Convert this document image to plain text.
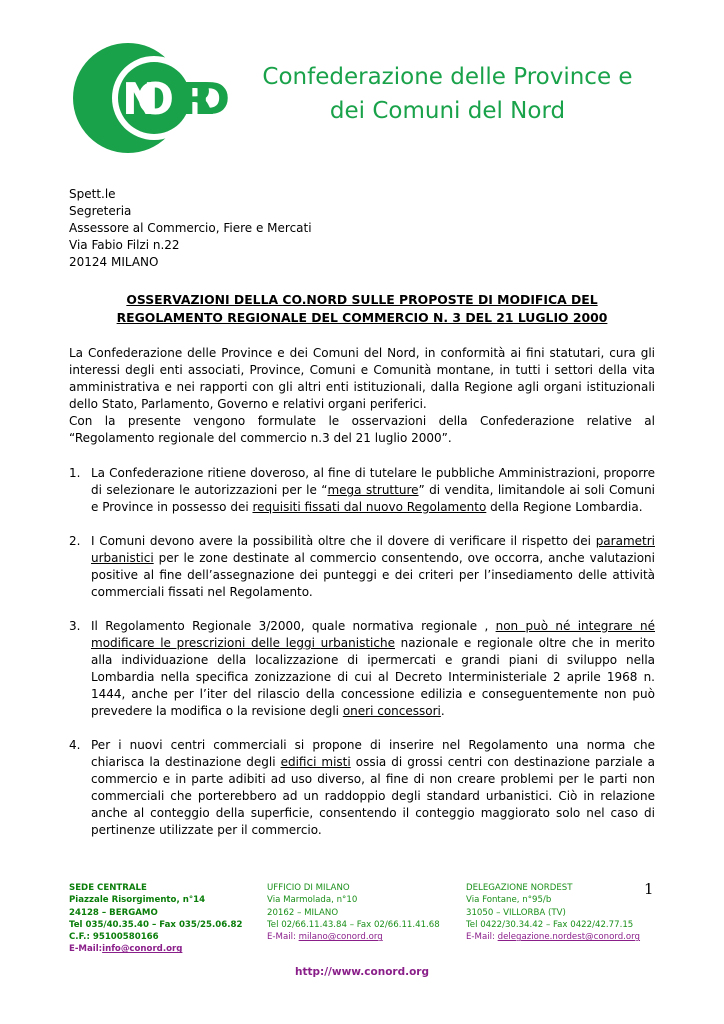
NO RD	Confederazione delle Province e
dei Comuni del Nord
Spett.le
Segreteria
Assessore al Commercio, Fiere e Mercati
Via Fabio Filzi n.22
20124 MILANO
OSSERVAZIONI DELLA CO.NORD SULLE PROPOSTE DI MODIFICA DEL
REGOLAMENTO REGIONALE DEL COMMERCIO N. 3 DEL 21 LUGLIO 2000

La Confederazione delle Province e dei Comuni del Nord, in conformità ai fini statutari, cura gli interessi degli enti associati, Province, Comuni e Comunità montane, in tutti i settori della vita amministrativa e nei rapporti con gli altri enti istituzionali, dalla Regione agli organi istituzionali dello Stato, Parlamento, Governo e relativi organi periferici.

Con la presente vengono formulate le osservazioni della Confederazione relative al “Regolamento regionale del commercio n.3 del 21 luglio 2000”.

1. La Confederazione ritiene doveroso, al fine di tutelare le pubbliche Amministrazioni, proporre di selezionare le autorizzazioni per le “mega strutture” di vendita, limitandole ai soli Comuni e Province in possesso dei requisiti fissati dal nuovo Regolamento della Regione Lombardia.
2. I Comuni devono avere la possibilità oltre che il dovere di verificare il rispetto dei parametri urbanistici per le zone destinate al commercio consentendo, ove occorra, anche valutazioni positive al fine dell’assegnazione dei punteggi e dei criteri per l’insediamento delle attività commerciali fissati nel Regolamento.
3. Il Regolamento Regionale 3/2000, quale normativa regionale , non può né integrare né modificare le prescrizioni delle leggi urbanistiche nazionale e regionale oltre che in merito alla individuazione della localizzazione di ipermercati e grandi piani di sviluppo nella Lombardia nella specifica zonizzazione di cui al Decreto Interministeriale 2 aprile 1968 n. 1444, anche per l’iter del rilascio della concessione edilizia e conseguentemente non può prevedere la modifica o la revisione degli oneri concessori.
4. Per i nuovi centri commerciali si propone di inserire nel Regolamento una norma che chiarisca la destinazione degli edifici misti ossia di grossi centri con destinazione parziale a commercio e in parte adibiti ad uso diverso, al fine di non creare problemi per le parti non commerciali che porterebbero ad un raddoppio degli standard urbanistici. Ciò in relazione anche al conteggio della superficie, consentendo il conteggio maggiorato solo nel caso di pertinenze utilizzate per il commercio.
SEDE CENTRALE
Piazzale Risorgimento, n°14
24128 – BERGAMO
Tel 035/40.35.40 – Fax 035/25.06.82
C.F.: 95100580166
E-Mail:info@conord.org
UFFICIO DI MILANO
Via Marmolada, n°10
20162 – MILANO
Tel 02/66.11.43.84 – Fax 02/66.11.41.68
E-Mail: milano@conord.org
DELEGAZIONE NORDEST
Via Fontane, n°95/b
31050 – VILLORBA (TV)
Tel 0422/30.34.42 – Fax 0422/42.77.15
E-Mail: delegazione.nordest@conord.org
1
http://www.conord.org
